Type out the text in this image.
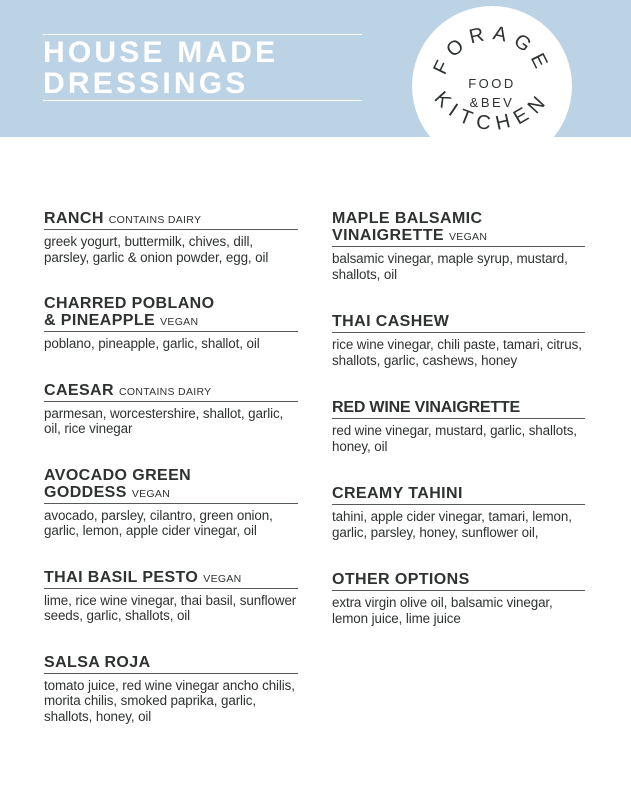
HOUSE MADE
DRESSINGS
FORAGE
KITCHEN
FOOD
&BEV
RANCH CONTAINS DAIRY

greek yogurt, buttermilk, chives, dill, parsley, garlic & onion powder, egg, oil

CHARRED POBLANO
& PINEAPPLE VEGAN

poblano, pineapple, garlic, shallot, oil

CAESAR CONTAINS DAIRY

parmesan, worcestershire, shallot, garlic, oil, rice vinegar

AVOCADO GREEN
GODDESS VEGAN

avocado, parsley, cilantro, green onion, garlic, lemon, apple cider vinegar, oil

THAI BASIL PESTO VEGAN

lime, rice wine vinegar, thai basil, sunflower seeds, garlic, shallots, oil

SALSA ROJA

tomato juice, red wine vinegar ancho chilis, morita chilis, smoked paprika, garlic, shallots, honey, oil

MAPLE BALSAMIC
VINAIGRETTE VEGAN

balsamic vinegar, maple syrup, mustard, shallots, oil

THAI CASHEW

rice wine vinegar, chili paste, tamari, citrus, shallots, garlic, cashews, honey

RED WINE VINAIGRETTE

red wine vinegar, mustard, garlic, shallots, honey, oil

CREAMY TAHINI

tahini, apple cider vinegar, tamari, lemon, garlic, parsley, honey, sunflower oil,

OTHER OPTIONS

extra virgin olive oil, balsamic vinegar, lemon juice, lime juice
